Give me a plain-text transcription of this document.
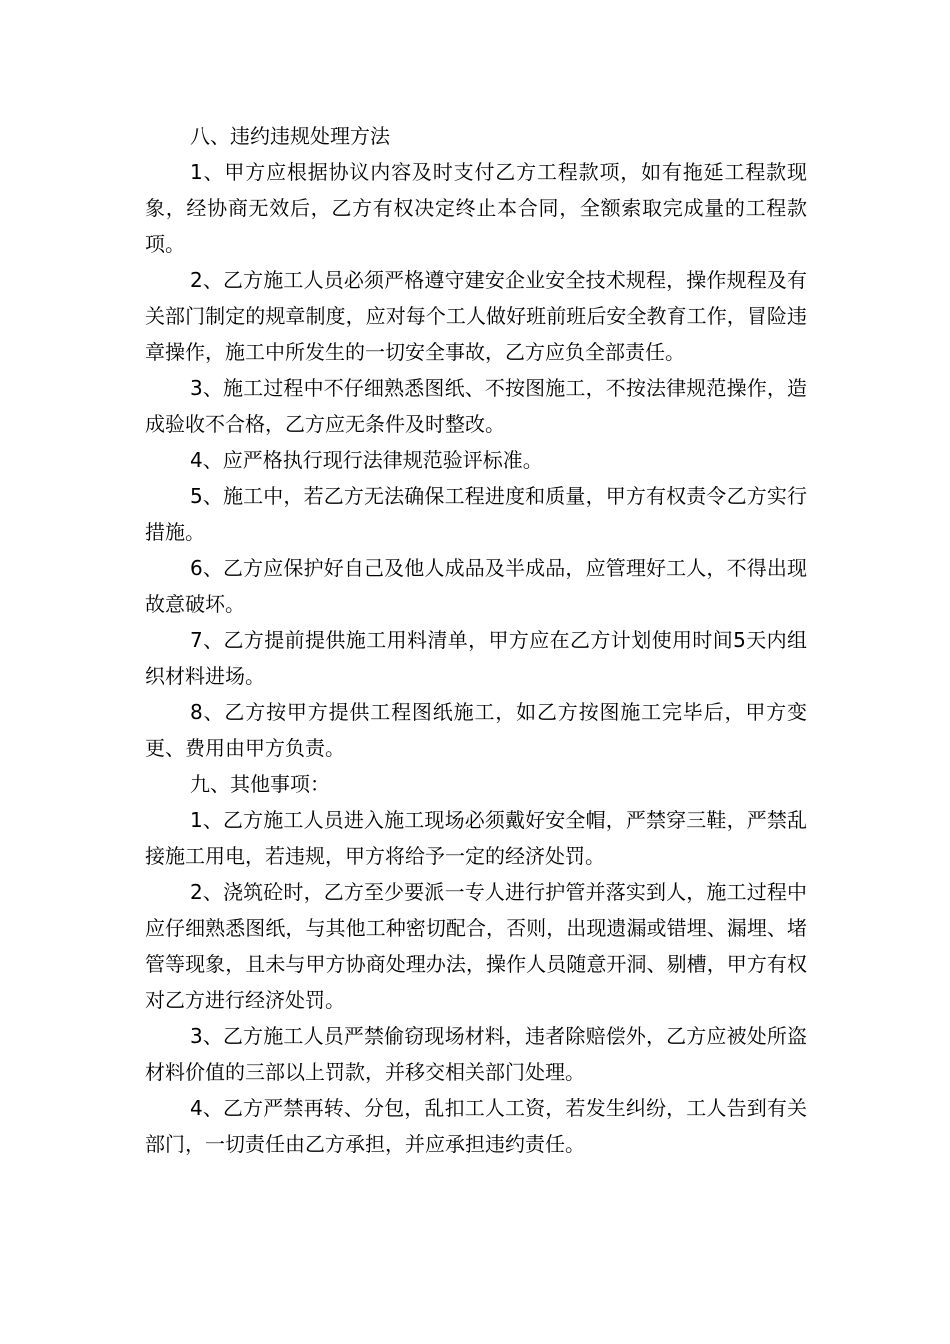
八、违约违规处理方法

1、甲方应根据协议内容及时支付乙方工程款项，如有拖延工程款现象，经协商无效后，乙方有权决定终止本合同，全额索取完成量的工程款项。

2、乙方施工人员必须严格遵守建安企业安全技术规程，操作规程及有关部门制定的规章制度，应对每个工人做好班前班后安全教育工作，冒险违章操作，施工中所发生的一切安全事故，乙方应负全部责任。

3、施工过程中不仔细熟悉图纸、不按图施工，不按法律规范操作，造成验收不合格，乙方应无条件及时整改。

4、应严格执行现行法律规范验评标准。

5、施工中，若乙方无法确保工程进度和质量，甲方有权责令乙方实行措施。

6、乙方应保护好自己及他人成品及半成品，应管理好工人，不得出现故意破坏。

7、乙方提前提供施工用料清单，甲方应在乙方计划使用时间5天内组织材料进场。

8、乙方按甲方提供工程图纸施工，如乙方按图施工完毕后，甲方变更、费用由甲方负责。

九、其他事项：

1、乙方施工人员进入施工现场必须戴好安全帽，严禁穿三鞋，严禁乱接施工用电，若违规，甲方将给予一定的经济处罚。

2、浇筑砼时，乙方至少要派一专人进行护管并落实到人，施工过程中应仔细熟悉图纸，与其他工种密切配合，否则，出现遗漏或错埋、漏埋、堵管等现象，且未与甲方协商处理办法，操作人员随意开洞、剔槽，甲方有权对乙方进行经济处罚。

3、乙方施工人员严禁偷窃现场材料，违者除赔偿外，乙方应被处所盗材料价值的三部以上罚款，并移交相关部门处理。

4、乙方严禁再转、分包，乱扣工人工资，若发生纠纷，工人告到有关部门，一切责任由乙方承担，并应承担违约责任。
